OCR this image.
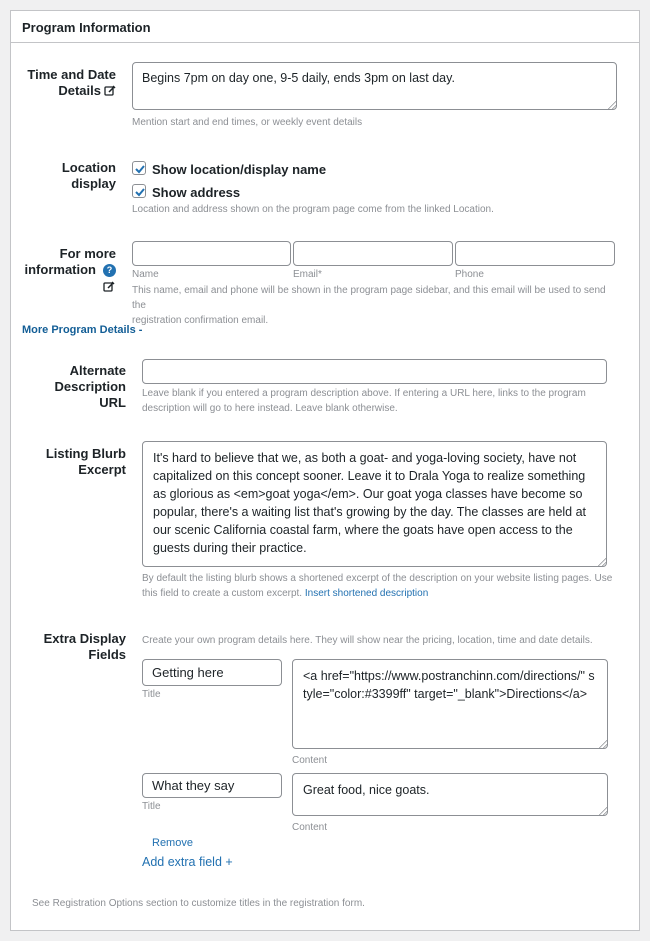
Program Information
Time and Date
Details
Begins 7pm on day one, 9-5 daily, ends 3pm on last day.
Mention start and end times, or weekly event details
Location
display
Show location/display name
Show address
Location and address shown on the program page come from the linked Location.
For more
information	?	Name	Email*	Phone
This name, email and phone will be shown in the program page sidebar, and this email will be used to send the
registration confirmation email.
More Program Details -
Alternate
Description
URL
Leave blank if you entered a program description above. If entering a URL here, links to the program
description will go to here instead. Leave blank otherwise.
Listing Blurb
Excerpt
It's hard to believe that we, as both a goat- and yoga-loving society, have not capitalized on this concept sooner. Leave it to Drala Yoga to realize something as glorious as <em>goat yoga</em>. Our goat yoga classes have become so popular, there's a waiting list that's growing by the day. The classes are held at our scenic California coastal farm, where the goats have open access to the guests during their practice.
By default the listing blurb shows a shortened excerpt of the description on your website listing pages. Use
this field to create a custom excerpt. Insert shortened description
Extra Display
Fields
Create your own program details here. They will show near the pricing, location, time and date details.
Getting here
Title
<a href="https://www.postranchinn.com/directions/" style="color:#3399ff" target="_blank">Directions</a>
Content
What they say
Title
Great food, nice goats.
Content
Remove
Add extra field +
See Registration Options section to customize titles in the registration form.
